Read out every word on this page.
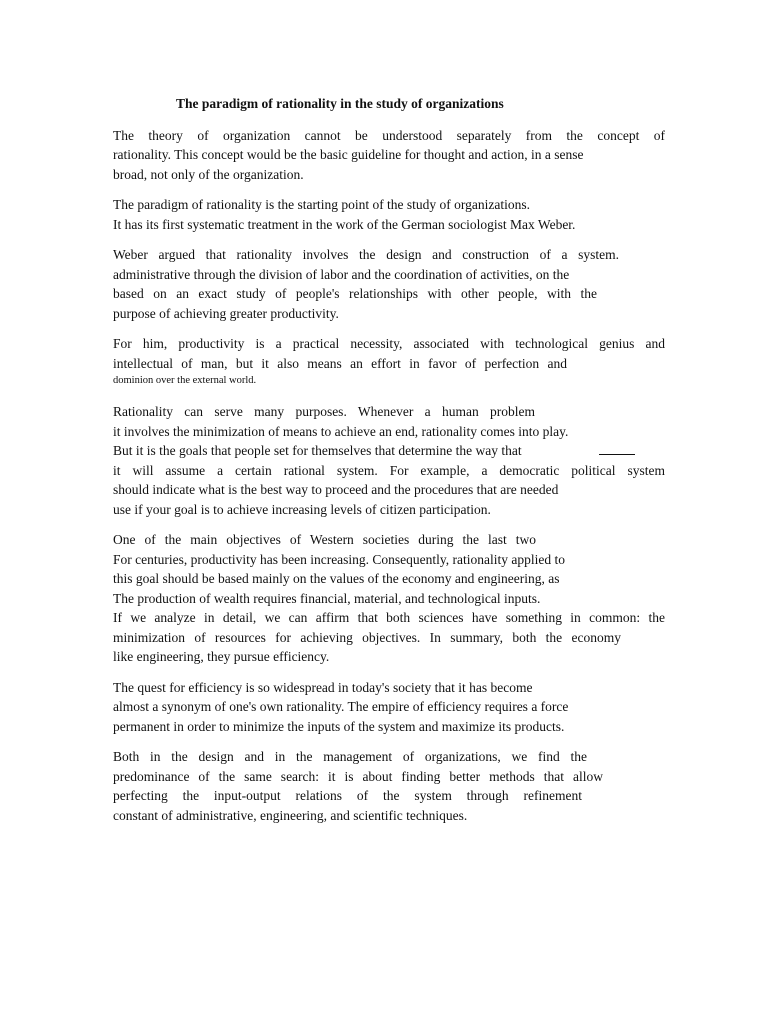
The paradigm of rationality in the study of organizations
The theory of organization cannot be understood separately from the concept of
rationality. This concept would be the basic guideline for thought and action, in a sense
broad, not only of the organization.
The paradigm of rationality is the starting point of the study of organizations.
It has its first systematic treatment in the work of the German sociologist Max Weber.
Weber argued that rationality involves the design and construction of a system.
administrative through the division of labor and the coordination of activities, on the
based on an exact study of people's relationships with other people, with the
purpose of achieving greater productivity.
For him, productivity is a practical necessity, associated with technological genius and
intellectual of man, but it also means an effort in favor of perfection and
dominion over the external world.
Rationality can serve many purposes. Whenever a human problem
it involves the minimization of means to achieve an end, rationality comes into play.
But it is the goals that people set for themselves that determine the way that
it will assume a certain rational system. For example, a democratic political system
should indicate what is the best way to proceed and the procedures that are needed
use if your goal is to achieve increasing levels of citizen participation.
One of the main objectives of Western societies during the last two
For centuries, productivity has been increasing. Consequently, rationality applied to
this goal should be based mainly on the values of the economy and engineering, as
The production of wealth requires financial, material, and technological inputs.
If we analyze in detail, we can affirm that both sciences have something in common: the
minimization of resources for achieving objectives. In summary, both the economy
like engineering, they pursue efficiency.
The quest for efficiency is so widespread in today's society that it has become
almost a synonym of one's own rationality. The empire of efficiency requires a force
permanent in order to minimize the inputs of the system and maximize its products.
Both in the design and in the management of organizations, we find the
predominance of the same search: it is about finding better methods that allow
perfecting the input-output relations of the system through refinement
constant of administrative, engineering, and scientific techniques.
